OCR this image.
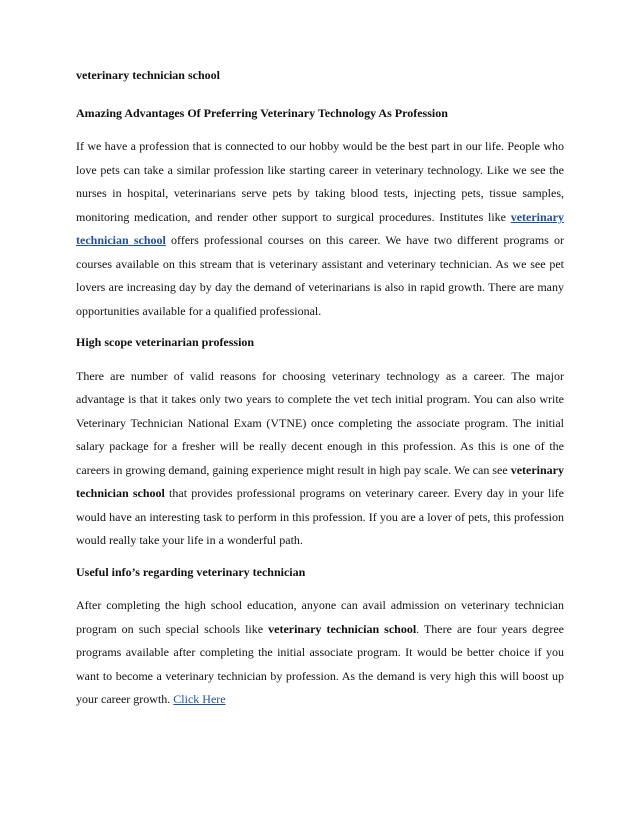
veterinary technician school

Amazing Advantages Of Preferring Veterinary Technology As Profession

If we have a profession that is connected to our hobby would be the best part in our life. People who love pets can take a similar profession like starting career in veterinary technology. Like we see the nurses in hospital, veterinarians serve pets by taking blood tests, injecting pets, tissue samples, monitoring medication, and render other support to surgical procedures. Institutes like veterinary technician school offers professional courses on this career. We have two different programs or courses available on this stream that is veterinary assistant and veterinary technician. As we see pet lovers are increasing day by day the demand of veterinarians is also in rapid growth. There are many opportunities available for a qualified professional.

High scope veterinarian profession

There are number of valid reasons for choosing veterinary technology as a career. The major advantage is that it takes only two years to complete the vet tech initial program. You can also write Veterinary Technician National Exam (VTNE) once completing the associate program. The initial salary package for a fresher will be really decent enough in this profession. As this is one of the careers in growing demand, gaining experience might result in high pay scale. We can see veterinary technician school that provides professional programs on veterinary career. Every day in your life would have an interesting task to perform in this profession. If you are a lover of pets, this profession would really take your life in a wonderful path.

Useful info’s regarding veterinary technician

After completing the high school education, anyone can avail admission on veterinary technician program on such special schools like veterinary technician school. There are four years degree programs available after completing the initial associate program. It would be better choice if you want to become a veterinary technician by profession. As the demand is very high this will boost up your career growth. Click Here
